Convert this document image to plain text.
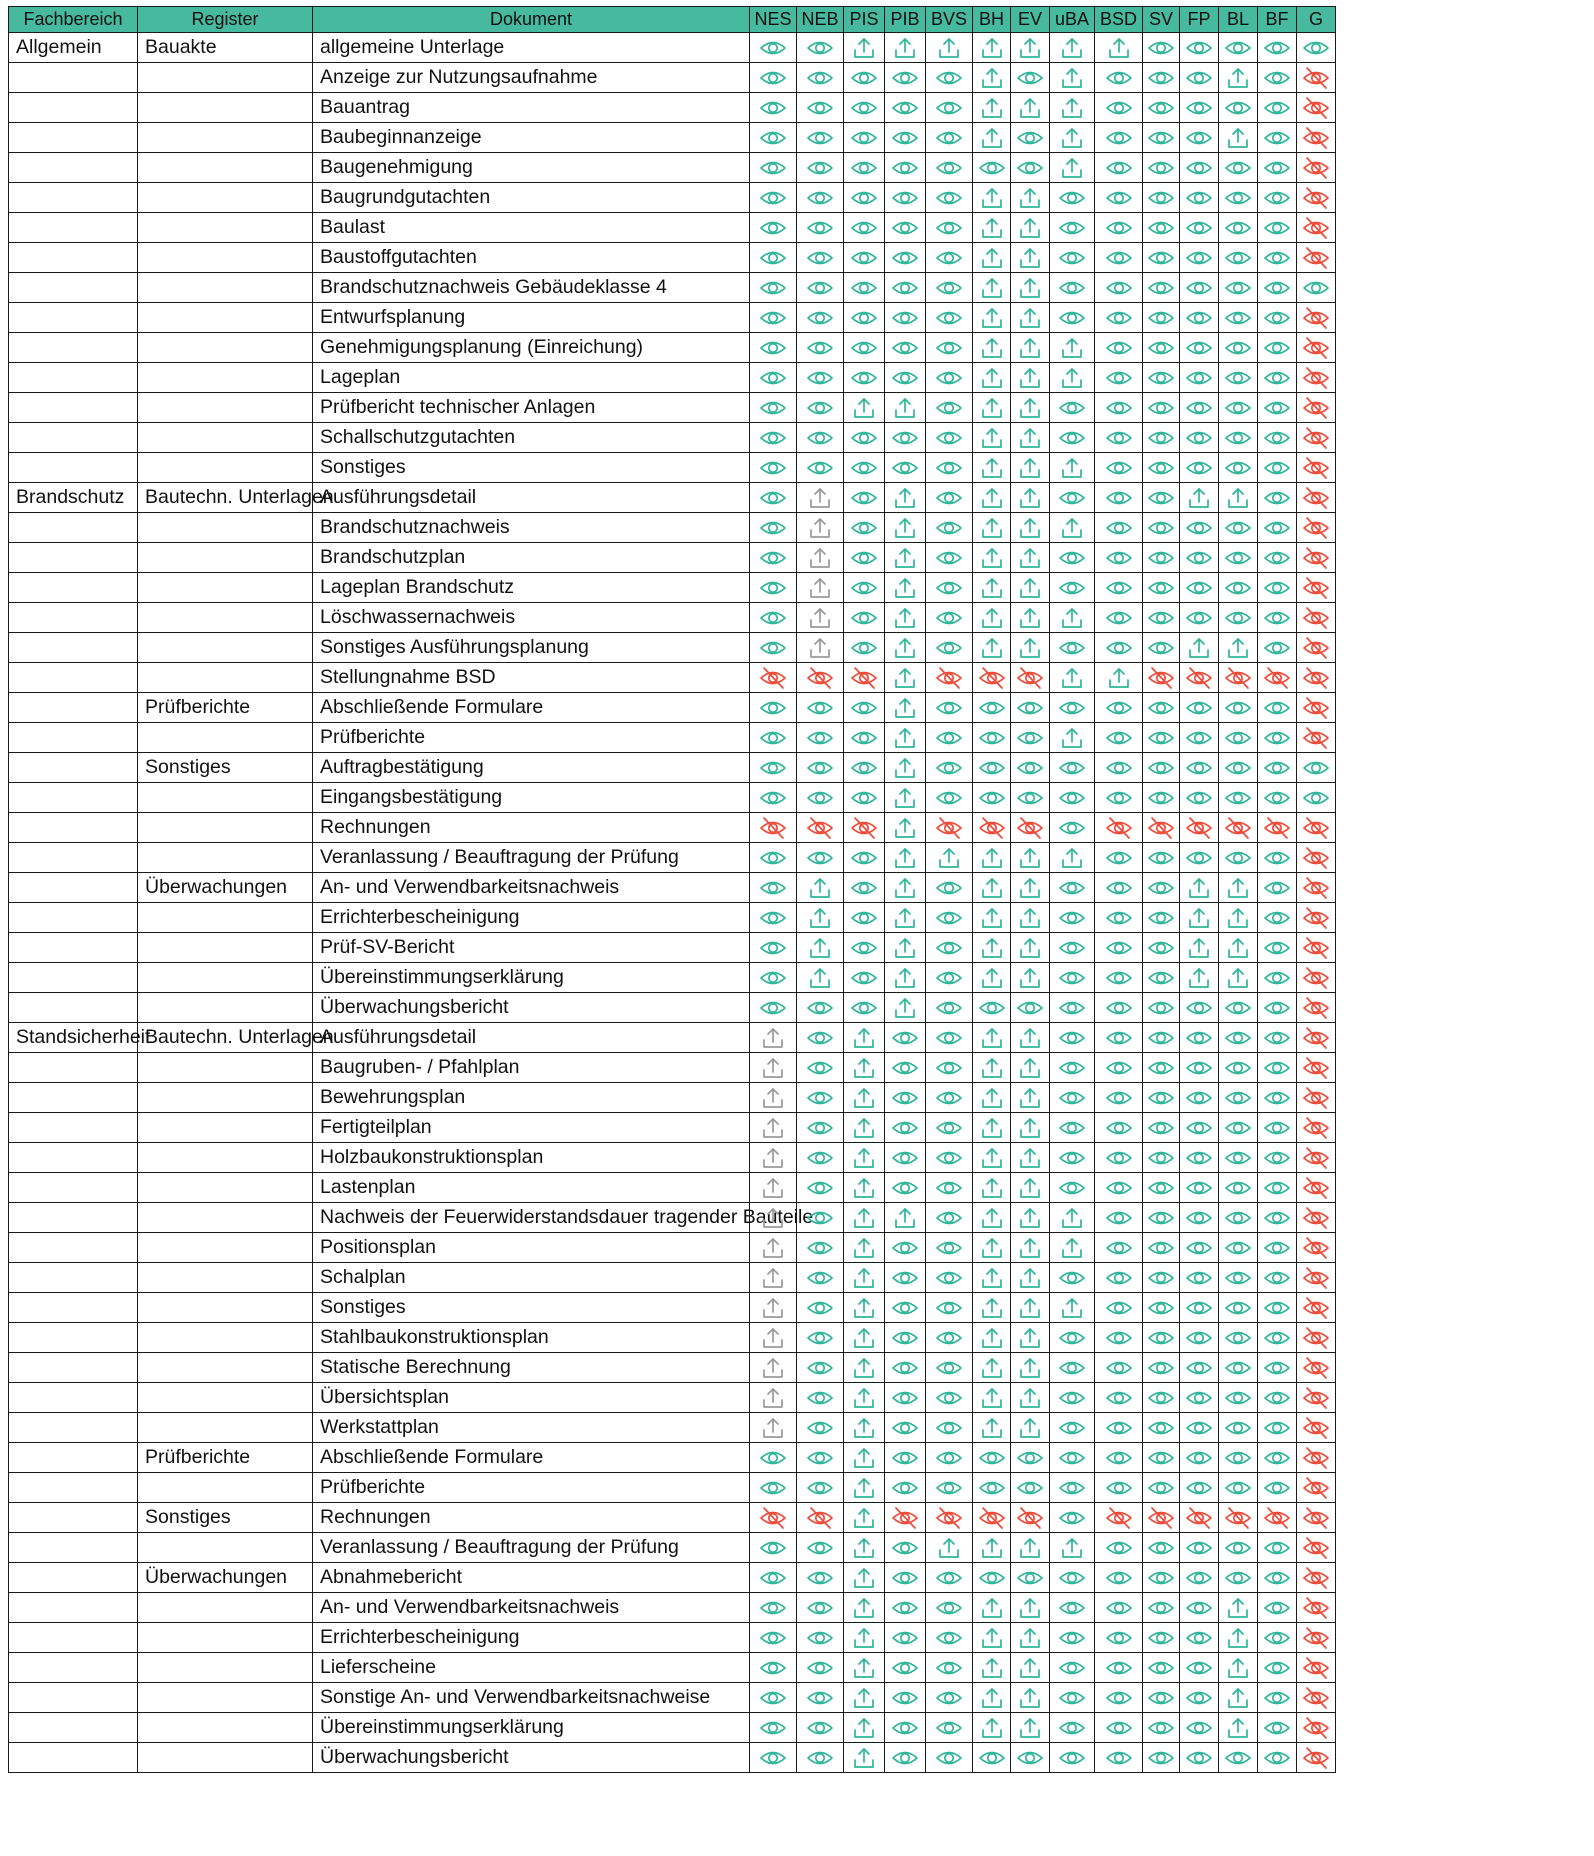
Fachbereich	Register	Dokument	NES	NEB	PIS	PIB	BVS	BH	EV	uBA	BSD	SV	FP	BL	BF	G
Allgemein	Bauakte	allgemeine Unterlage	

		Anzeige zur Nutzungsaufnahme	

		Bauantrag	

		Baubeginnanzeige	

		Baugenehmigung	

		Baugrundgutachten	

		Baulast	

		Baustoffgutachten	

		Brandschutznachweis Gebäudeklasse 4	

		Entwurfsplanung	

		Genehmigungsplanung (Einreichung)	

		Lageplan	

		Prüfbericht technischer Anlagen	

		Schallschutzgutachten	

		Sonstiges	

Brandschutz	Bautechn. Unterlagen	Ausführungsdetail	

		Brandschutznachweis	

		Brandschutzplan	

		Lageplan Brandschutz	

		Löschwassernachweis	

		Sonstiges Ausführungsplanung	

		Stellungnahme BSD	

	Prüfberichte	Abschließende Formulare	

		Prüfberichte	

	Sonstiges	Auftragbestätigung	

		Eingangsbestätigung	

		Rechnungen	

		Veranlassung / Beauftragung der Prüfung	

	Überwachungen	An- und Verwendbarkeitsnachweis	

		Errichterbescheinigung	

		Prüf-SV-Bericht	

		Übereinstimmungserklärung	

		Überwachungsbericht	

Standsicherheit	Bautechn. Unterlagen	Ausführungsdetail	

		Baugruben- / Pfahlplan	

		Bewehrungsplan	

		Fertigteilplan	

		Holzbaukonstruktionsplan	

		Lastenplan	

		Nachweis der Feuerwiderstandsdauer tragender Bauteile	

		Positionsplan	

		Schalplan	

		Sonstiges	

		Stahlbaukonstruktionsplan	

		Statische Berechnung	

		Übersichtsplan	

		Werkstattplan	

	Prüfberichte	Abschließende Formulare	

		Prüfberichte	

	Sonstiges	Rechnungen	

		Veranlassung / Beauftragung der Prüfung	

	Überwachungen	Abnahmebericht	

		An- und Verwendbarkeitsnachweis	

		Errichterbescheinigung	

		Lieferscheine	

		Sonstige An- und Verwendbarkeitsnachweise	

		Übereinstimmungserklärung	

		Überwachungsbericht	
